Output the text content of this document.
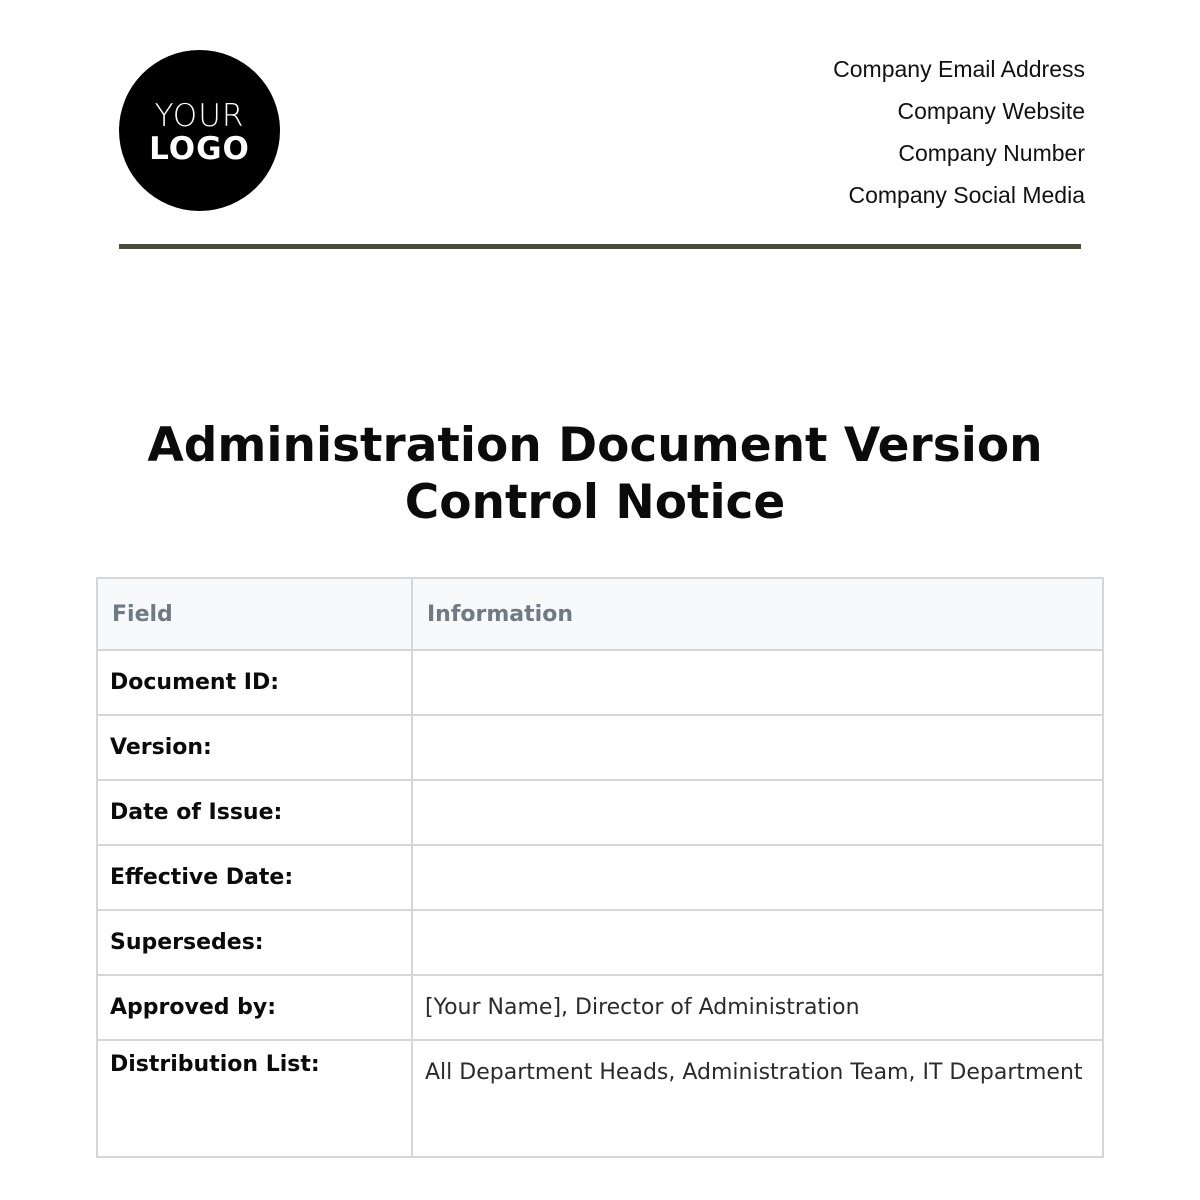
YOUR
LOGO
Company Email Address
Company Website
Company Number
Company Social Media
Administration Document Version Control Notice
Field	Information
Document ID:	
Version:	
Date of Issue:	
Effective Date:	
Supersedes:	
Approved by:	[Your Name], Director of Administration
Distribution List:	All Department Heads, Administration Team, IT Department
